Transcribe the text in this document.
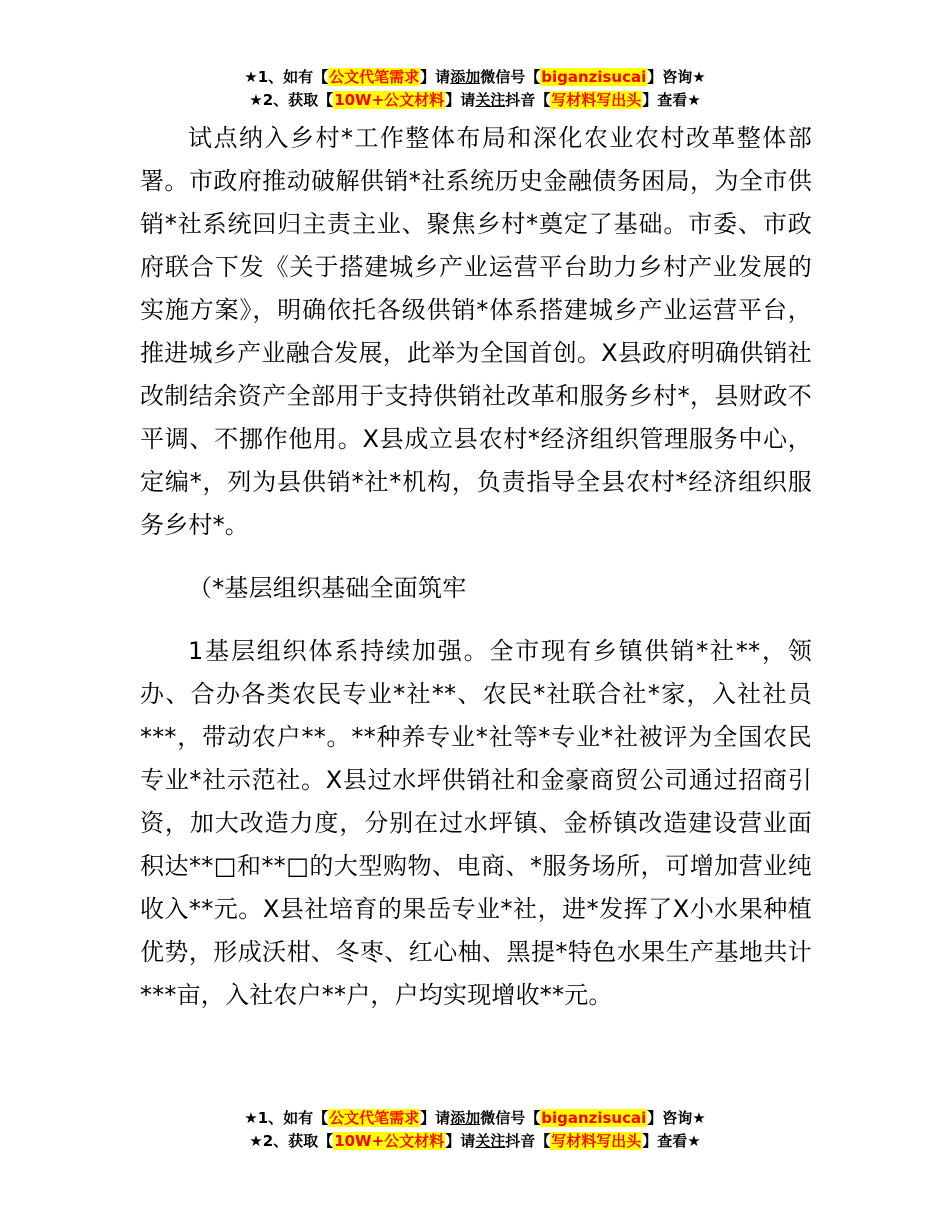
★1、如有【公文代笔需求】请添加微信号【biganzisucai】咨询★
★2、获取【10W+公文材料】请关注抖音【写材料写出头】查看★

试点纳入乡村*工作整体布局和深化农业农村改革整体部署。市政府推动破解供销*社系统历史金融债务困局，为全市供销*社系统回归主责主业、聚焦乡村*奠定了基础。市委、市政府联合下发《关于搭建城乡产业运营平台助力乡村产业发展的实施方案》，明确依托各级供销*体系搭建城乡产业运营平台，推进城乡产业融合发展，此举为全国首创。X县政府明确供销社改制结余资产全部用于支持供销社改革和服务乡村*，县财政不平调、不挪作他用。X县成立县农村*经济组织管理服务中心，定编*，列为县供销*社*机构，负责指导全县农村*经济组织服务乡村*。

（*基层组织基础全面筑牢

1基层组织体系持续加强。全市现有乡镇供销*社**，领办、合办各类农民专业*社**、农民*社联合社*家，入社社员***，带动农户**。**种养专业*社等*专业*社被评为全国农民专业*社示范社。X县过水坪供销社和金豪商贸公司通过招商引资，加大改造力度，分别在过水坪镇、金桥镇改造建设营业面积达**□和**□的大型购物、电商、*服务场所，可增加营业纯收入**元。X县社培育的果岳专业*社，进*发挥了X小水果种植优势，形成沃柑、冬枣、红心柚、黑提*特色水果生产基地共计***亩，入社农户**户，户均实现增收**元。

★1、如有【公文代笔需求】请添加微信号【biganzisucai】咨询★
★2、获取【10W+公文材料】请关注抖音【写材料写出头】查看★
